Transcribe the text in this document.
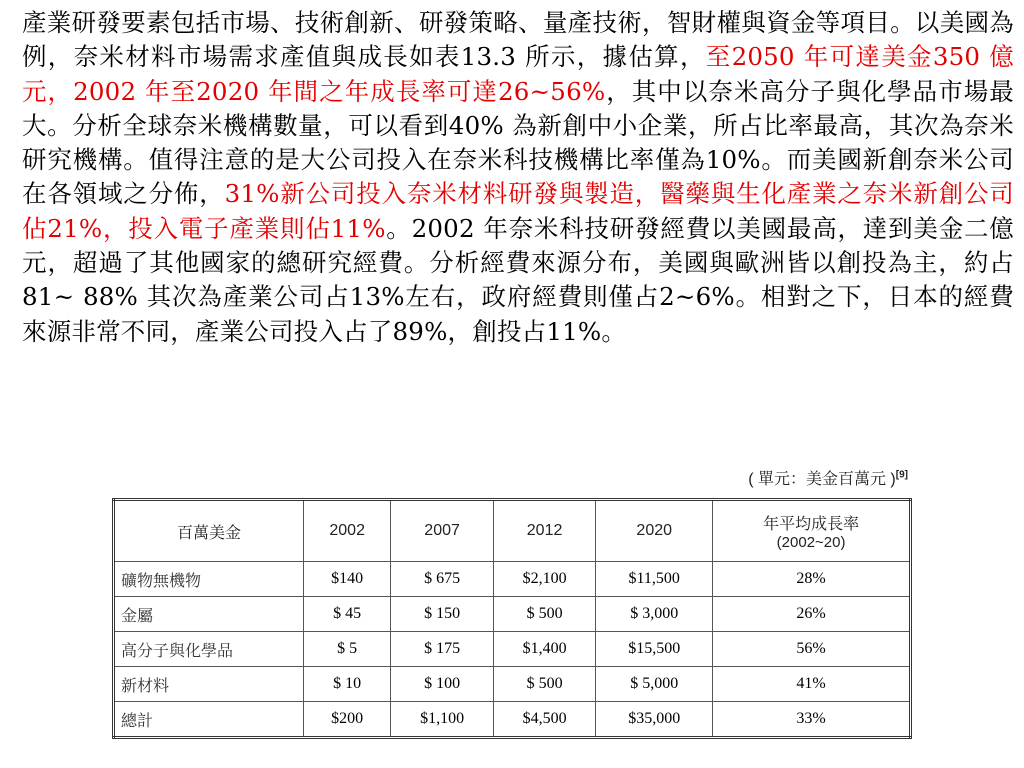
產業研發要素包括市場、技術創新、研發策略、量產技術，智財權與資金等項目。以美國為例，奈米材料市場需求產值與成長如表13.3 所示，據估算，至2050 年可達美金350 億元，2002 年至2020 年間之年成長率可達26~56%，其中以奈米高分子與化學品市場最大。分析全球奈米機構數量，可以看到40% 為新創中小企業，所占比率最高，其次為奈米研究機構。值得注意的是大公司投入在奈米科技機構比率僅為10%。而美國新創奈米公司在各領域之分佈，31%新公司投入奈米材料研發與製造，醫藥與生化產業之奈米新創公司佔21%，投入電子產業則佔11%。2002 年奈米科技研發經費以美國最高，達到美金二億元，超過了其他國家的總研究經費。分析經費來源分布，美國與歐洲皆以創投為主，約占81~ 88% 其次為產業公司占13%左右，政府經費則僅占2~6%。相對之下，日本的經費來源非常不同，產業公司投入占了89%，創投占11%。
( 單元：美金百萬元 )[9]
百萬美金	2002	2007	2012	2020	年平均成長率
(2002~20)

礦物無機物	$140	$ 675	$2,100	$11,500	28%
金屬	$ 45	$ 150	$ 500	$ 3,000	26%
高分子與化學品	$ 5	$ 175	$1,400	$15,500	56%
新材料	$ 10	$ 100	$ 500	$ 5,000	41%
總計	$200	$1,100	$4,500	$35,000	33%
